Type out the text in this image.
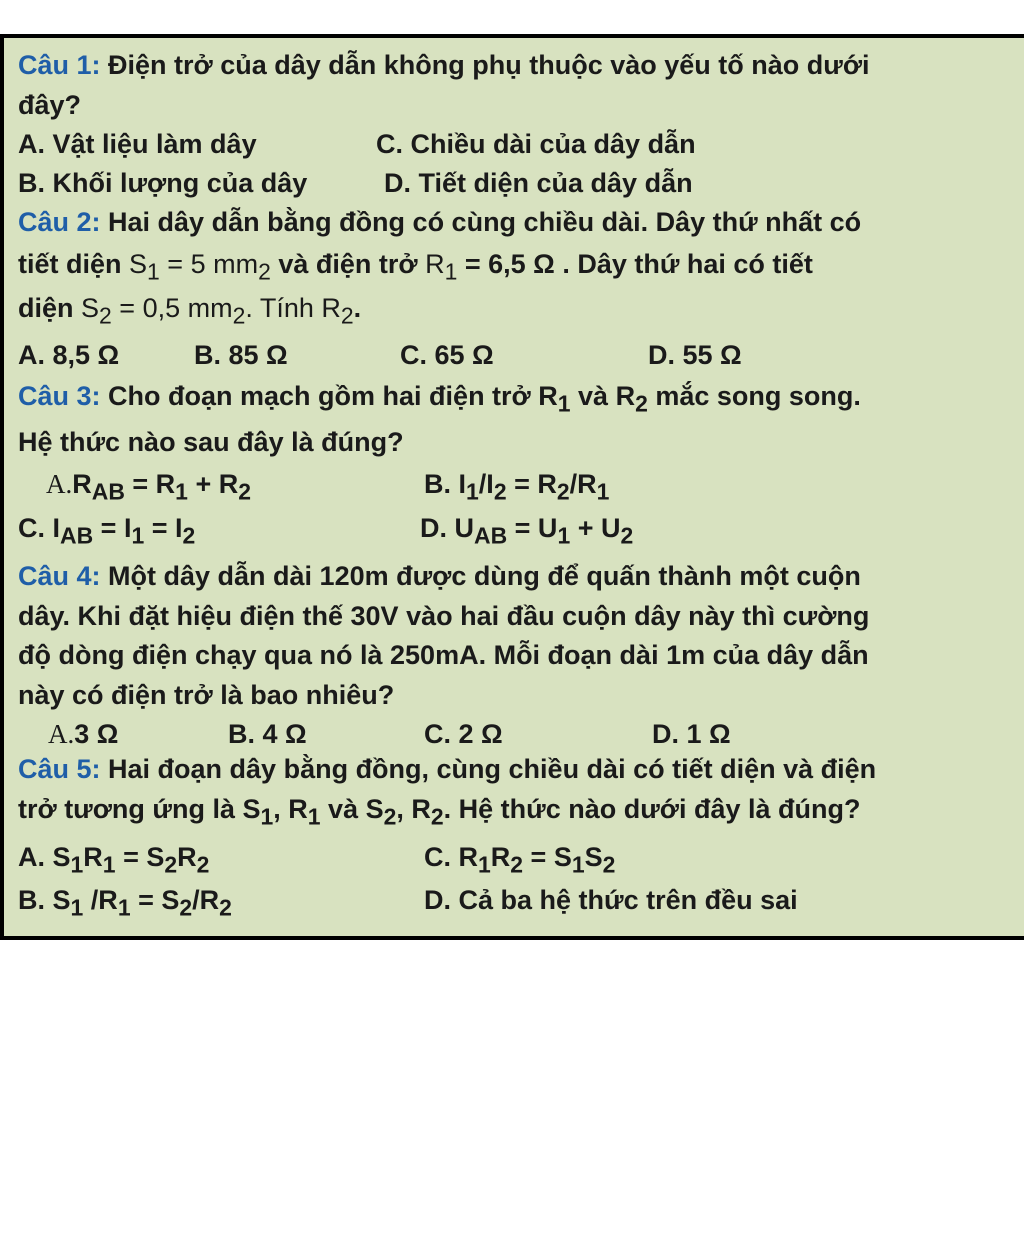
Câu 1: Điện trở của dây dẫn không phụ thuộc vào yếu tố nào dưới
đây?
A. Vật liệu làm dây	C. Chiều dài của dây dẫn
B. Khối lượng của dây	D. Tiết diện của dây dẫn
Câu 2: Hai dây dẫn bằng đồng có cùng chiều dài. Dây thứ nhất có
tiết diện $S_1 = 5$ $mm_2$ và điện trở $R_1 = 6,5$ Ω . Dây thứ hai có tiết
diện $S_2 = 0,5$ $mm_2$. Tính $R_2$.
A. 8,5 Ω	B. 85 Ω	C. 65 Ω	D. 55 Ω
Câu 3: Cho đoạn mạch gồm hai điện trở $R_1$ và $R_2$ mắc song song.
Hệ thức nào sau đây là đúng?
$A.R_{AB} = R_1 + R_2$	B. $I_1/I_2 = R_2/R_1$
C. $I_{AB} = I_1 = I_2$	D. $U_{AB} = U_1 + U_2$
Câu 4: Một dây dẫn dài 120m được dùng để quấn thành một cuộn
dây. Khi đặt hiệu điện thế 30V vào hai đầu cuộn dây này thì cường
độ dòng điện chạy qua nó là 250mA. Mỗi đoạn dài 1m của dây dẫn
này có điện trở là bao nhiêu?
A.3 Ω	B. 4 Ω	C. 2 Ω	D. 1 Ω
Câu 5: Hai đoạn dây bằng đồng, cùng chiều dài có tiết diện và điện
trở tương ứng là $S_1$, $R_1$ và $S_2$, $R_2$. Hệ thức nào dưới đây là đúng?
A. $S_1R_1 = S_2R_2$	C. $R_1R_2 = S_1S_2$
B. $S_1$ $/R_1 = S_2/R_2$	D. Cả ba hệ thức trên đều sai
